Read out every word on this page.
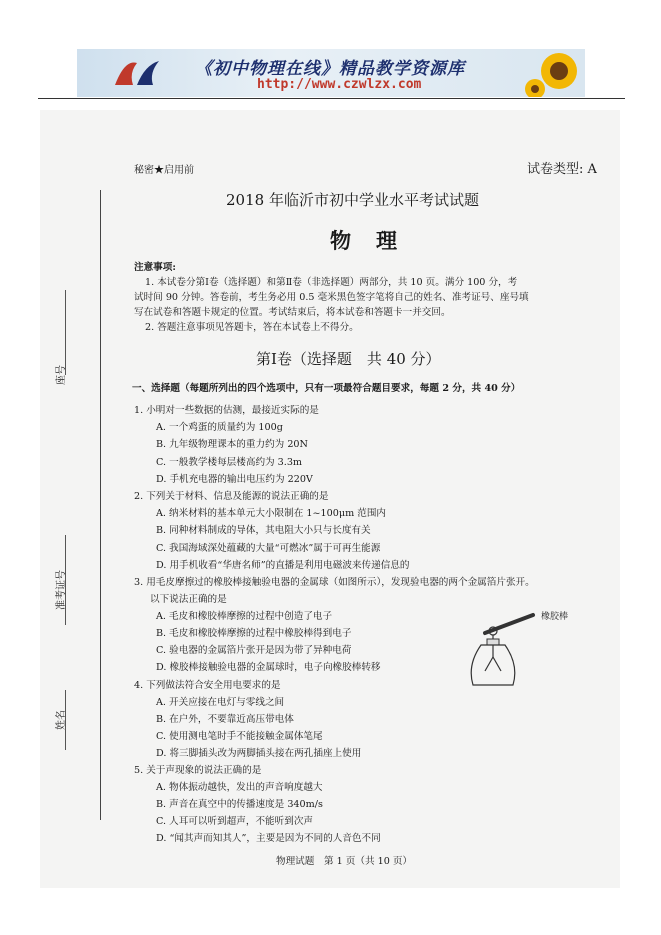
《初中物理在线》精品教学资源库
http://www.czwlzx.com
座号
准考证号
姓名
秘密★启用前	试卷类型: A
2018 年临沂市初中学业水平考试试题
物　理
注意事项:
1. 本试卷分第Ⅰ卷（选择题）和第Ⅱ卷（非选择题）两部分，共 10 页。满分 100 分，考
试时间 90 分钟。答卷前，考生务必用 0.5 毫米黑色签字笔将自己的姓名、准考证号、座号填
写在试卷和答题卡规定的位置。考试结束后，将本试卷和答题卡一并交回。
2. 答题注意事项见答题卡，答在本试卷上不得分。
第Ⅰ卷（选择题　共 40 分）
一、选择题（每题所列出的四个选项中，只有一项最符合题目要求，每题 2 分，共 40 分）
1. 小明对一些数据的估测，最接近实际的是
A. 一个鸡蛋的质量约为 100g
B. 九年级物理课本的重力约为 20N
C. 一般教学楼每层楼高约为 3.3m
D. 手机充电器的输出电压约为 220V
2. 下列关于材料、信息及能源的说法正确的是
A. 纳米材料的基本单元大小限制在 1~100μm 范围内
B. 同种材料制成的导体，其电阻大小只与长度有关
C. 我国海域深处蕴藏的大量“可燃冰”属于可再生能源
D. 用手机收看“华唐名师”的直播是利用电磁波来传递信息的
3. 用毛皮摩擦过的橡胶棒接触验电器的金属球（如图所示），发现验电器的两个金属箔片张开。
以下说法正确的是
A. 毛皮和橡胶棒摩擦的过程中创造了电子
B. 毛皮和橡胶棒摩擦的过程中橡胶棒得到电子
C. 验电器的金属箔片张开是因为带了异种电荷
D. 橡胶棒接触验电器的金属球时，电子向橡胶棒转移
橡胶棒
4. 下列做法符合安全用电要求的是
A. 开关应接在电灯与零线之间
B. 在户外，不要靠近高压带电体
C. 使用测电笔时手不能接触金属体笔尾
D. 将三脚插头改为两脚插头接在两孔插座上使用
5. 关于声现象的说法正确的是
A. 物体振动越快，发出的声音响度越大
B. 声音在真空中的传播速度是 340m/s
C. 人耳可以听到超声，不能听到次声
D. “闻其声而知其人”，主要是因为不同的人音色不同
物理试题　第 1 页（共 10 页）
